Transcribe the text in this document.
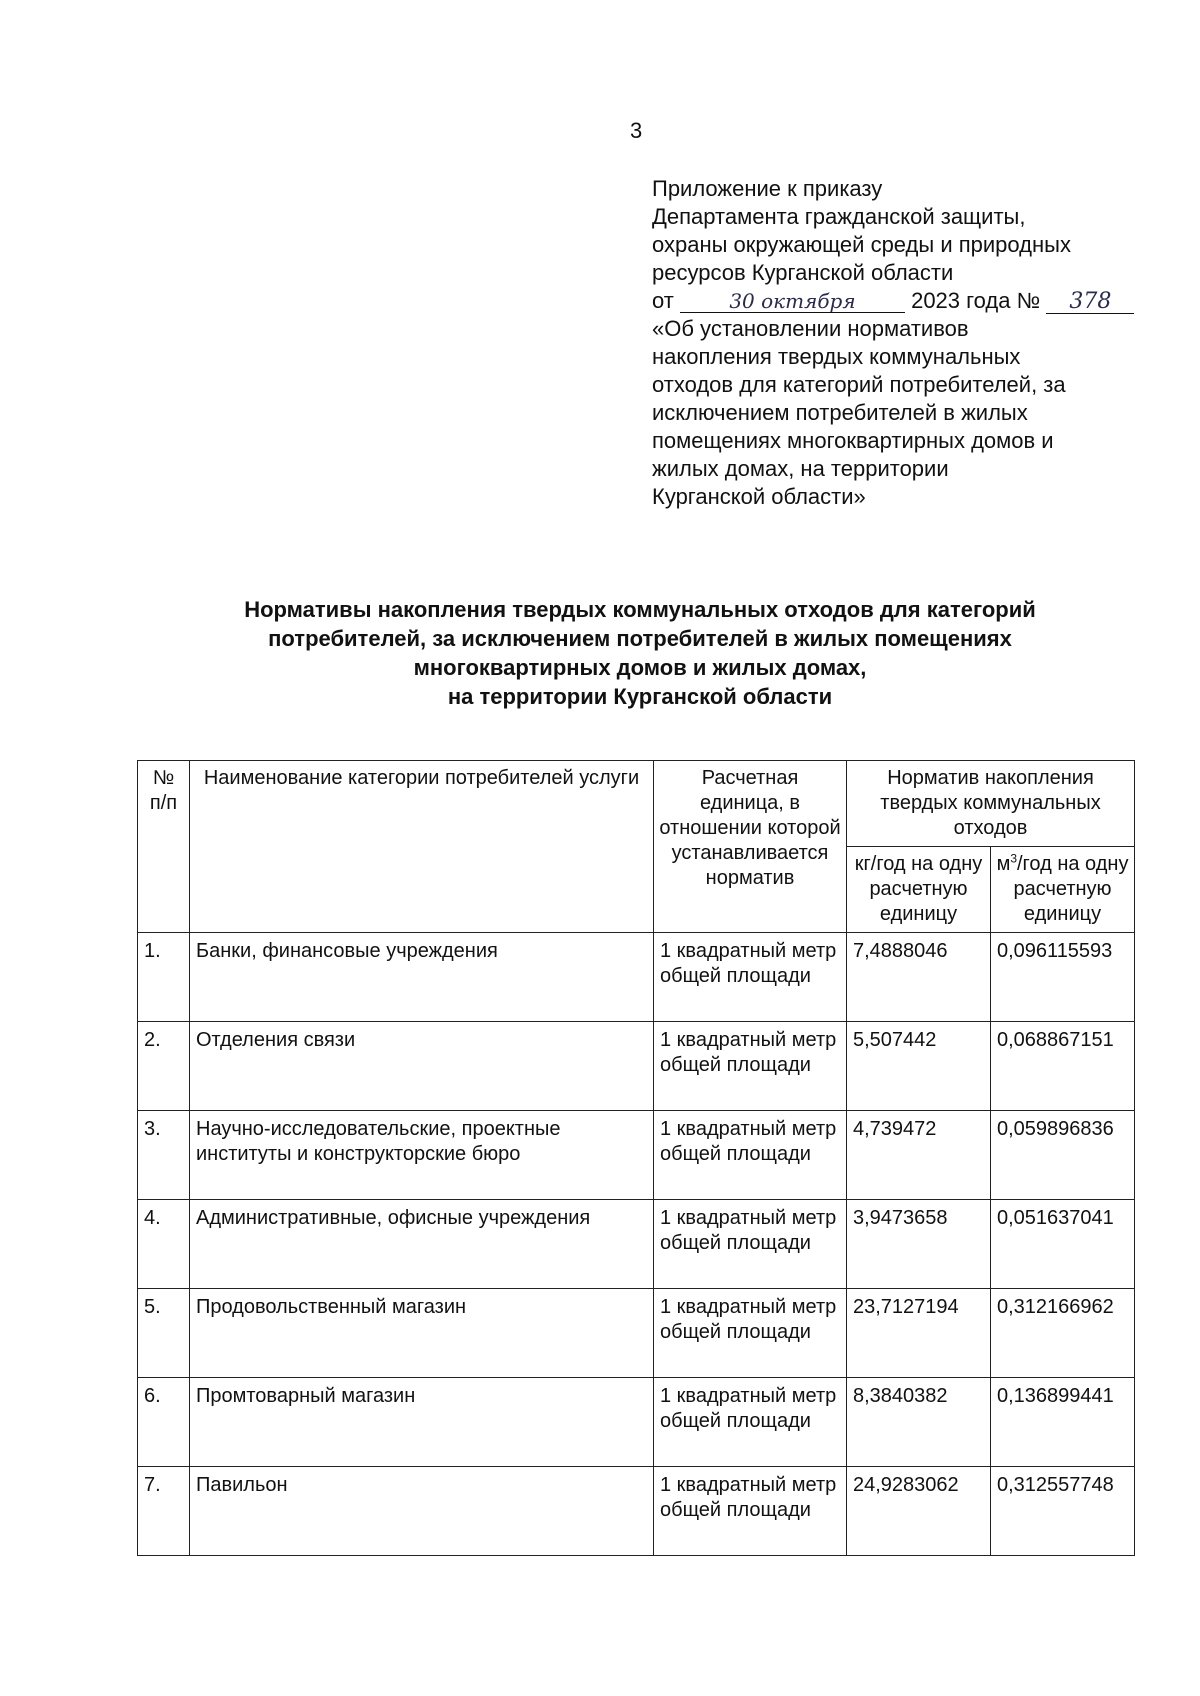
3
Приложение к приказу
Департамента гражданской защиты,
охраны окружающей среды и природных
ресурсов Курганской области
от	30 октября	2023 года № 378
«Об установлении нормативов
накопления твердых коммунальных
отходов для категорий потребителей, за
исключением потребителей в жилых
помещениях многоквартирных домов и
жилых домах, на территории
Курганской области»
Нормативы накопления твердых коммунальных отходов для категорий
потребителей, за исключением потребителей в жилых помещениях
многоквартирных домов и жилых домах,
на территории Курганской области
№ п/п	Наименование категории потребителей услуги	Расчетная единица, в отношении которой устанавливается норматив	Норматив накопления твердых коммунальных отходов	
			кг/год на одну расчетную единицу	$м^3$/год на одну расчетную единицу
1.	Банки, финансовые учреждения	1 квадратный метр общей площади	7,4888046	0,096115593
2.	Отделения связи	1 квадратный метр общей площади	5,507442	0,068867151
3.	Научно-исследовательские, проектные институты и конструкторские бюро	1 квадратный метр общей площади	4,739472	0,059896836
4.	Административные, офисные учреждения	1 квадратный метр общей площади	3,9473658	0,051637041
5.	Продовольственный магазин	1 квадратный метр общей площади	23,7127194	0,312166962
6.	Промтоварный магазин	1 квадратный метр общей площади	8,3840382	0,136899441
7.	Павильон	1 квадратный метр общей площади	24,9283062	0,312557748
